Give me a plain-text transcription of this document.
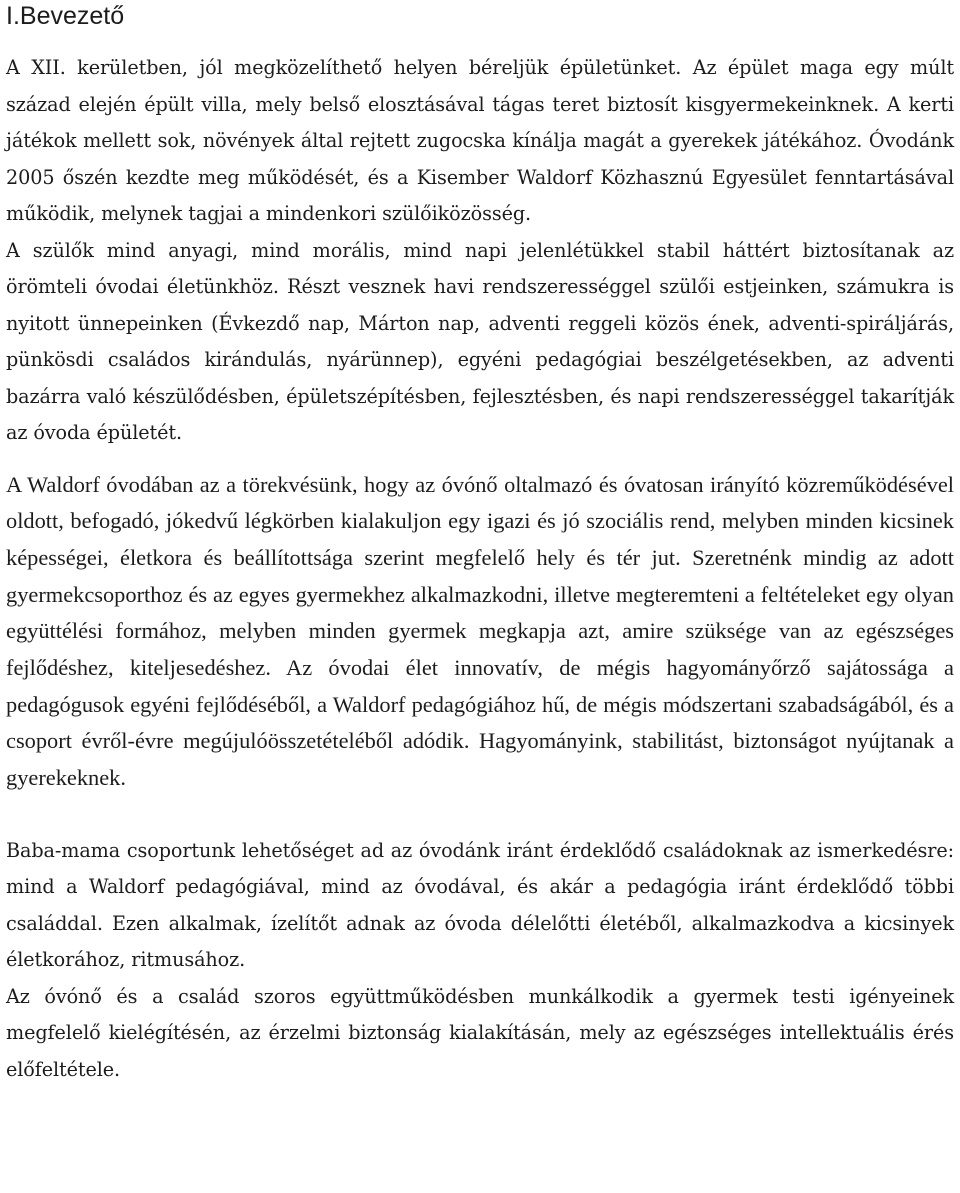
I.Bevezető

A XII. kerületben, jól megközelíthető helyen béreljük épületünket. Az épület maga egy múlt század elején épült villa, mely belső elosztásával tágas teret biztosít kisgyermekeinknek. A kerti játékok mellett sok, növények által rejtett zugocska kínálja magát a gyerekek játékához. Óvodánk 2005 őszén kezdte meg működését, és a Kisember Waldorf Közhasznú Egyesület fenntartásával működik, melynek tagjai a mindenkori szülőiközösség.

A szülők mind anyagi, mind morális, mind napi jelenlétükkel stabil háttért biztosítanak az örömteli óvodai életünkhöz. Részt vesznek havi rendszerességgel szülői estjeinken, számukra is nyitott ünnepeinken (Évkezdő nap, Márton nap, adventi reggeli közös ének, adventi-spiráljárás, pünkösdi családos kirándulás, nyárünnep), egyéni pedagógiai beszélgetésekben, az adventi bazárra való készülődésben, épületszépítésben, fejlesztésben, és napi rendszerességgel takarítják az óvoda épületét.

A Waldorf óvodában az a törekvésünk, hogy az óvónő oltalmazó és óvatosan irányító közreműködésével oldott, befogadó, jókedvű légkörben kialakuljon egy igazi és jó szociális rend, melyben minden kicsinek képességei, életkora és beállítottsága szerint megfelelő hely és tér jut. Szeretnénk mindig az adott gyermekcsoporthoz és az egyes gyermekhez alkalmazkodni, illetve megteremteni a feltételeket egy olyan együttélési formához, melyben minden gyermek megkapja azt, amire szüksége van az egészséges fejlődéshez, kiteljesedéshez. Az óvodai élet innovatív, de mégis hagyományőrző sajátossága a pedagógusok egyéni fejlődéséből, a Waldorf pedagógiához hű, de mégis módszertani szabadságából, és a csoport évről-évre megújulóösszetételéből adódik. Hagyományink, stabilitást, biztonságot nyújtanak a gyerekeknek.

Baba-mama csoportunk lehetőséget ad az óvodánk iránt érdeklődő családoknak az ismerkedésre: mind a Waldorf pedagógiával, mind az óvodával, és akár a pedagógia iránt érdeklődő többi családdal. Ezen alkalmak, ízelítőt adnak az óvoda délelőtti életéből, alkalmazkodva a kicsinyek életkorához, ritmusához.

Az óvónő és a család szoros együttműködésben munkálkodik a gyermek testi igényeinek megfelelő kielégítésén, az érzelmi biztonság kialakításán, mely az egészséges intellektuális érés előfeltétele.
